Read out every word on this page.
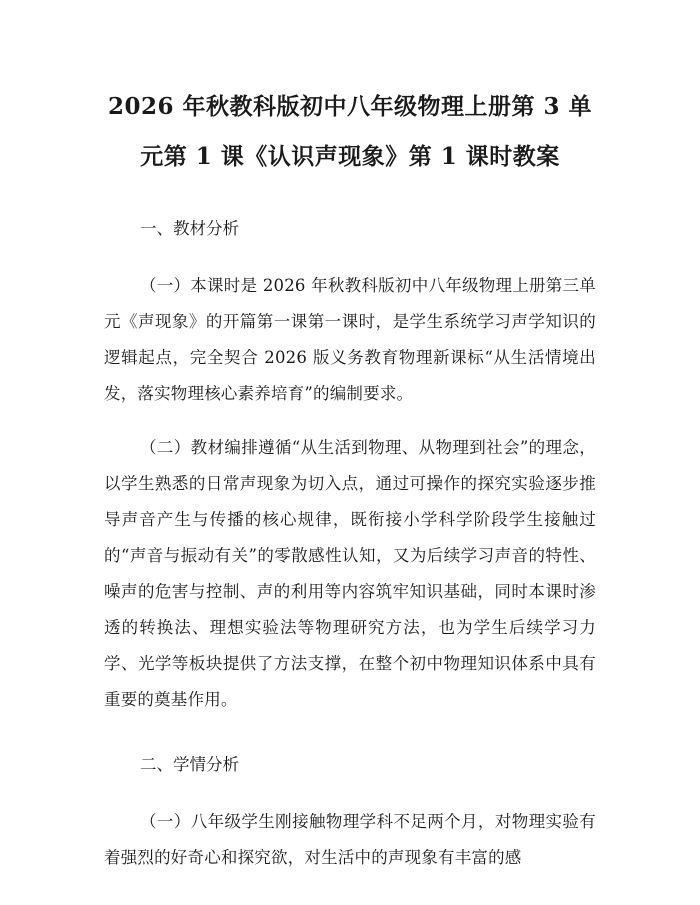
2026 年秋教科版初中八年级物理上册第 3 单
元第 1 课《认识声现象》第 1 课时教案

一、教材分析

（一）本课时是 2026 年秋教科版初中八年级物理上册第三单元《声现象》的开篇第一课第一课时，是学生系统学习声学知识的逻辑起点，完全契合 2026 版义务教育物理新课标“从生活情境出发，落实物理核心素养培育”的编制要求。

（二）教材编排遵循“从生活到物理、从物理到社会”的理念，以学生熟悉的日常声现象为切入点，通过可操作的探究实验逐步推导声音产生与传播的核心规律，既衔接小学科学阶段学生接触过的“声音与振动有关”的零散感性认知，又为后续学习声音的特性、噪声的危害与控制、声的利用等内容筑牢知识基础，同时本课时渗透的转换法、理想实验法等物理研究方法，也为学生后续学习力学、光学等板块提供了方法支撑，在整个初中物理知识体系中具有重要的奠基作用。

二、学情分析

（一）八年级学生刚接触物理学科不足两个月，对物理实验有着强烈的好奇心和探究欲，对生活中的声现象有丰富的感
